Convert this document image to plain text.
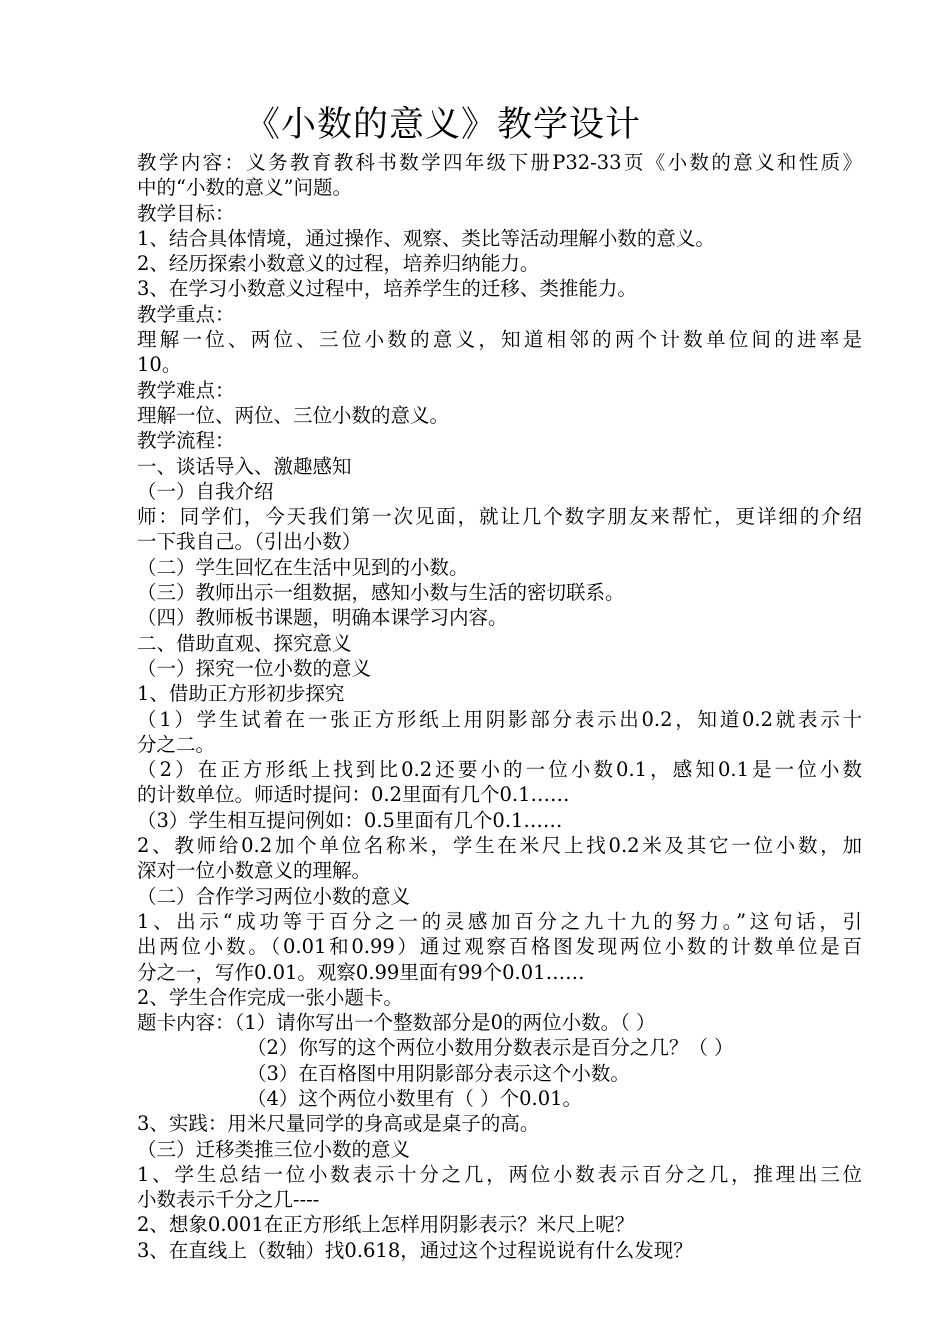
《小数的意义》教学设计
教学内容：义务教育教科书数学四年级下册P32-33页《小数的意义和性质》
中的“小数的意义”问题。
教学目标：
1、结合具体情境，通过操作、观察、类比等活动理解小数的意义。
2、经历探索小数意义的过程，培养归纳能力。
3、在学习小数意义过程中，培养学生的迁移、类推能力。
教学重点：
理解一位、两位、三位小数的意义，知道相邻的两个计数单位间的进率是
10。
教学难点：
理解一位、两位、三位小数的意义。
教学流程：
一、谈话导入、激趣感知
（一）自我介绍
师：同学们，今天我们第一次见面，就让几个数字朋友来帮忙，更详细的介绍
一下我自己。（引出小数）
（二）学生回忆在生活中见到的小数。
（三）教师出示一组数据，感知小数与生活的密切联系。
（四）教师板书课题，明确本课学习内容。
二、借助直观、探究意义
（一）探究一位小数的意义
1、借助正方形初步探究
（1）学生试着在一张正方形纸上用阴影部分表示出0.2，知道0.2就表示十
分之二。
（2）在正方形纸上找到比0.2还要小的一位小数0.1，感知0.1是一位小数
的计数单位。师适时提问：0.2里面有几个0.1……
（3）学生相互提问例如：0.5里面有几个0.1……
2、教师给0.2加个单位名称米，学生在米尺上找0.2米及其它一位小数，加
深对一位小数意义的理解。
（二）合作学习两位小数的意义
1、出示“成功等于百分之一的灵感加百分之九十九的努力。”这句话，引
出两位小数。（0.01和0.99）通过观察百格图发现两位小数的计数单位是百
分之一，写作0.01。观察0.99里面有99个0.01……
2、学生合作完成一张小题卡。
题卡内容：（1）请你写出一个整数部分是0的两位小数。（ ）
（2）你写的这个两位小数用分数表示是百分之几？（ ）
（3）在百格图中用阴影部分表示这个小数。
（4）这个两位小数里有（ ）个0.01。
3、实践：用米尺量同学的身高或是桌子的高。
（三）迁移类推三位小数的意义
1、学生总结一位小数表示十分之几，两位小数表示百分之几，推理出三位
小数表示千分之几----
2、想象0.001在正方形纸上怎样用阴影表示？米尺上呢？
3、在直线上（数轴）找0.618，通过这个过程说说有什么发现？
